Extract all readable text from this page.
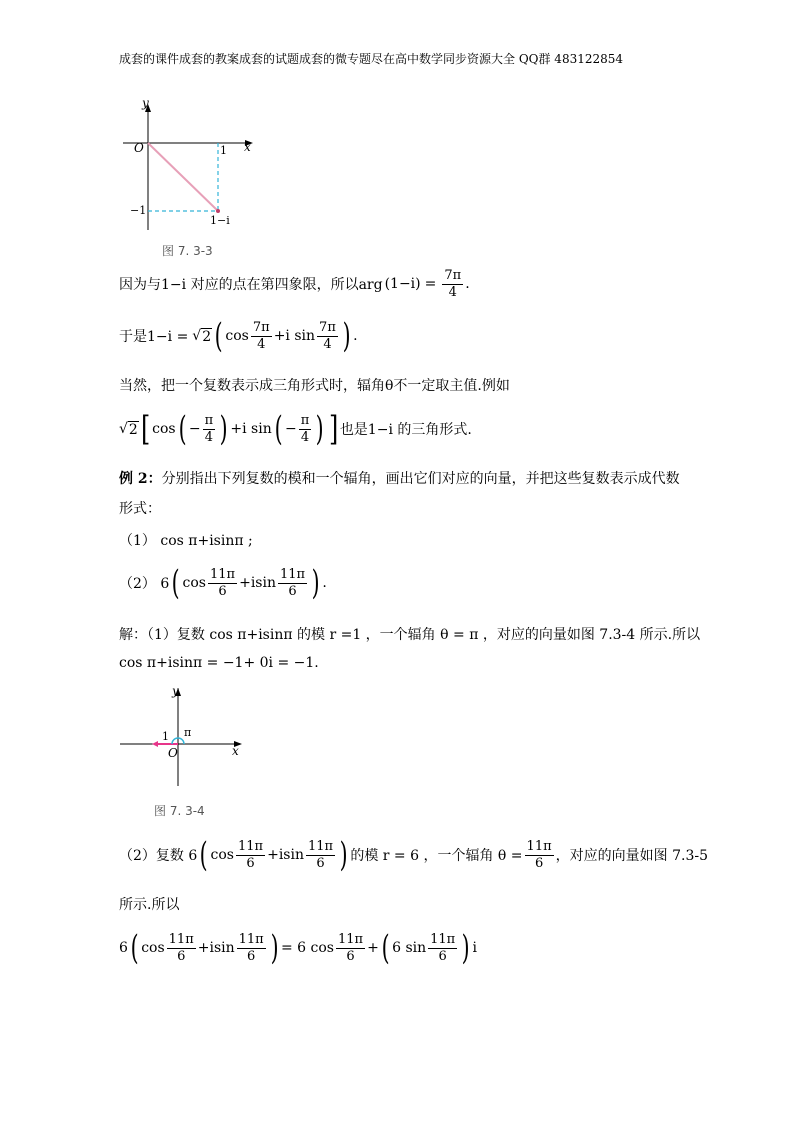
成套的课件成套的教案成套的试题成套的微专题尽在高中数学同步资源大全 QQ群 483122854
y
x
O	1
−1
1−i
图 7. 3-3
因为与1−i 对应的点在第四象限，所以arg $(1-i) = \frac{7\pi}{4}$ .
于是1−i = √ 2 ( $\cos \frac{7\pi}{4} +i$ $\sin \frac{7\pi}{4}$ ) .
当然，把一个复数表示成三角形式时，辐角θ不一定取主值.例如
√ 2 [ cos ( − $\frac{\pi}{4}$ ) +i sin ( − $\frac{\pi}{4}$ ) ] 也是1−i 的三角形式.
例 2：分别指出下列复数的模和一个辐角，画出它们对应的向量，并把这些复数表示成代数
形式：
（1） cos π+isinπ ;
（2） 6 ( $\cos \frac{11\pi}{6} +isin \frac{11\pi}{6}$ ) .
解：（1）复数 cos π+isinπ 的模 r =1 ，一个辐角 θ = π ，对应的向量如图 7.3-4 所示.所以
cos π+isinπ = −1+ 0i = −1.
y
x
O
1 π
图 7. 3-4
（2）复数 6 ( $\cos \frac{11\pi}{6} +isin \frac{11\pi}{6}$ ) 的模 r = 6 ，一个辐角 $\theta = \frac{11\pi}{6}$ ，对应的向量如图 7.3-5
所示.所以
6 ( $\cos \frac{11\pi}{6} +isin \frac{11\pi}{6}$ ) = 6 $\cos \frac{11\pi}{6}$ + ( 6 $\sin \frac{11\pi}{6}$ ) i
